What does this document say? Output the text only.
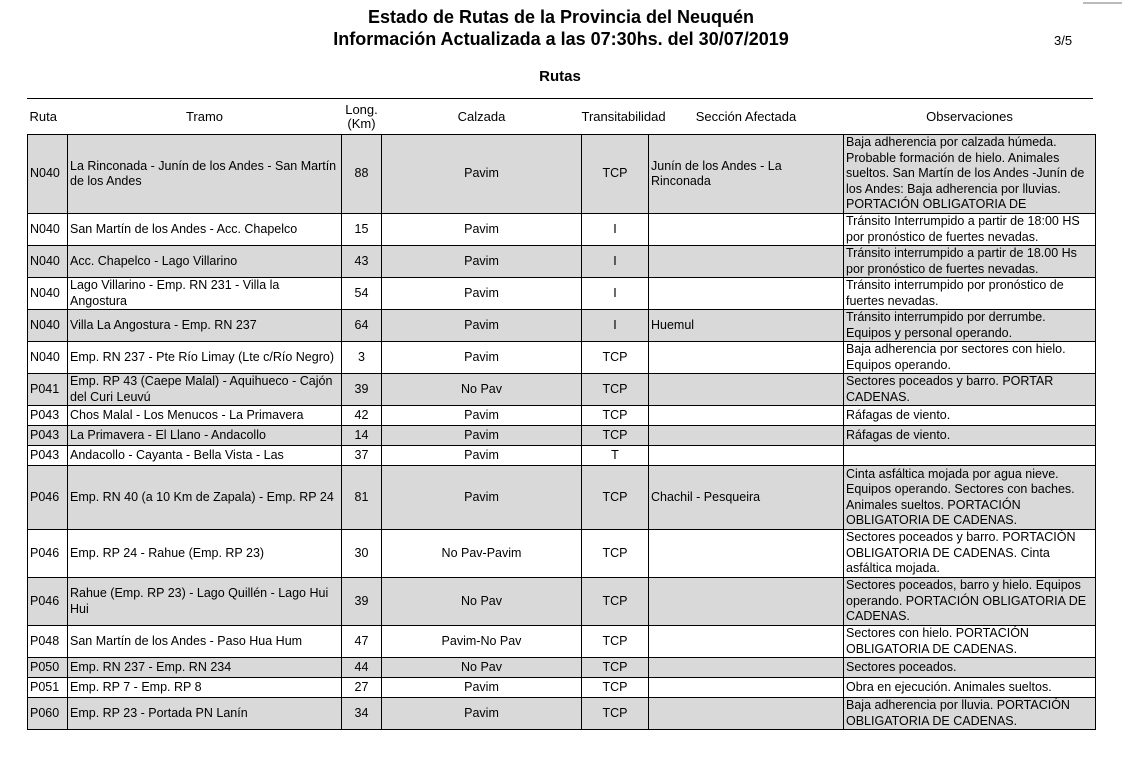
Estado de Rutas de la Provincia del Neuquén
Información Actualizada a las 07:30hs. del 30/07/2019	3/5
Rutas
Ruta	Tramo	Long. (Km)	Calzada	Transitabilidad	Sección Afectada	Observaciones
N040	La Rinconada - Junín de los Andes - San Martín de los Andes	88	Pavim	TCP	Junín de los Andes - La Rinconada	Baja adherencia por calzada húmeda. Probable formación de hielo. Animales sueltos. San Martín de los Andes -Junín de los Andes: Baja adherencia por lluvias. PORTACIÓN OBLIGATORIA DE
N040	San Martín de los Andes - Acc. Chapelco	15	Pavim	I		Tránsito Interrumpido a partir de 18:00 HS por pronóstico de fuertes nevadas.
N040	Acc. Chapelco - Lago Villarino	43	Pavim	I		Tránsito interrumpido a partir de 18.00 Hs por pronóstico de fuertes nevadas.
N040	Lago Villarino - Emp. RN 231 - Villa la Angostura	54	Pavim	I		Tránsito interrumpido por pronóstico de fuertes nevadas.
N040	Villa La Angostura - Emp. RN 237	64	Pavim	I	Huemul	Tránsito interrumpido por derrumbe. Equipos y personal operando.
N040	Emp. RN 237 - Pte Río Limay (Lte c/Río Negro)	3	Pavim	TCP		Baja adherencia por sectores con hielo. Equipos operando.
P041	Emp. RP 43 (Caepe Malal) - Aquihueco - Cajón del Curi Leuvú	39	No Pav	TCP		Sectores poceados y barro. PORTAR CADENAS.
P043	Chos Malal - Los Menucos - La Primavera	42	Pavim	TCP		Ráfagas de viento.
P043	La Primavera - El Llano - Andacollo	14	Pavim	TCP		Ráfagas de viento.
P043	Andacollo - Cayanta - Bella Vista - Las	37	Pavim	T		
P046	Emp. RN 40 (a 10 Km de Zapala) - Emp. RP 24	81	Pavim	TCP	Chachil - Pesqueira	Cinta asfáltica mojada por agua nieve. Equipos operando. Sectores con baches. Animales sueltos. PORTACIÓN OBLIGATORIA DE CADENAS.
P046	Emp. RP 24 - Rahue (Emp. RP 23)	30	No Pav-Pavim	TCP		Sectores poceados y barro. PORTACIÓN OBLIGATORIA DE CADENAS. Cinta asfáltica mojada.
P046	Rahue (Emp. RP 23) - Lago Quillén - Lago Hui Hui	39	No Pav	TCP		Sectores poceados, barro y hielo. Equipos operando. PORTACIÓN OBLIGATORIA DE CADENAS.
P048	San Martín de los Andes - Paso Hua Hum	47	Pavim-No Pav	TCP		Sectores con hielo. PORTACIÓN OBLIGATORIA DE CADENAS.
P050	Emp. RN 237 - Emp. RN 234	44	No Pav	TCP		Sectores poceados.
P051	Emp. RP 7 - Emp. RP 8	27	Pavim	TCP		Obra en ejecución. Animales sueltos.
P060	Emp. RP 23 - Portada PN Lanín	34	Pavim	TCP		Baja adherencia por lluvia. PORTACIÓN OBLIGATORIA DE CADENAS.
